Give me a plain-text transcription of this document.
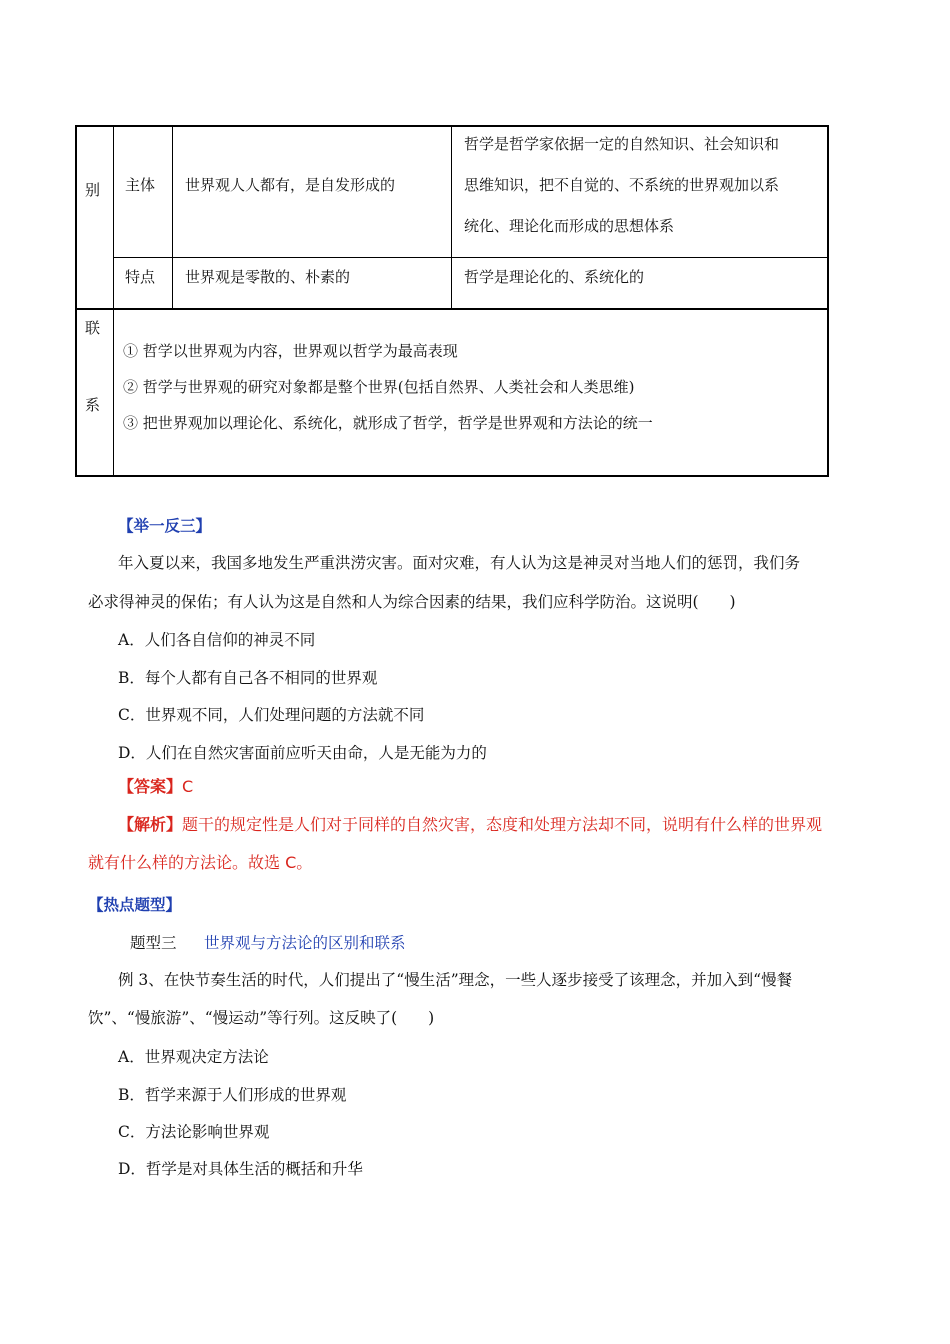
别 主体 世界观人人都有，是自发形成的
哲学是哲学家依据一定的自然知识、社会知识和
思维知识，把不自觉的、不系统的世界观加以系
统化、理论化而形成的思想体系
特点 世界观是零散的、朴素的	哲学是理论化的、系统化的
联
系
① 哲学以世界观为内容，世界观以哲学为最高表现
② 哲学与世界观的研究对象都是整个世界(包括自然界、人类社会和人类思维)
③ 把世界观加以理论化、系统化，就形成了哲学，哲学是世界观和方法论的统一
【举一反三】
年入夏以来，我国多地发生严重洪涝灾害。面对灾难，有人认为这是神灵对当地人们的惩罚，我们务
必求得神灵的保佑；有人认为这是自然和人为综合因素的结果，我们应科学防治。这说明(　　)
A．人们各自信仰的神灵不同
B．每个人都有自己各不相同的世界观
C．世界观不同，人们处理问题的方法就不同
D．人们在自然灾害面前应听天由命，人是无能为力的
【答案】C
【解析】题干的规定性是人们对于同样的自然灾害，态度和处理方法却不同，说明有什么样的世界观
就有什么样的方法论。故选 C。
【热点题型】
题型三 世界观与方法论的区别和联系
例 3、在快节奏生活的时代，人们提出了“慢生活”理念，一些人逐步接受了该理念，并加入到“慢餐
饮”、“慢旅游”、“慢运动”等行列。这反映了(　　)
A．世界观决定方法论
B．哲学来源于人们形成的世界观
C．方法论影响世界观
D．哲学是对具体生活的概括和升华
